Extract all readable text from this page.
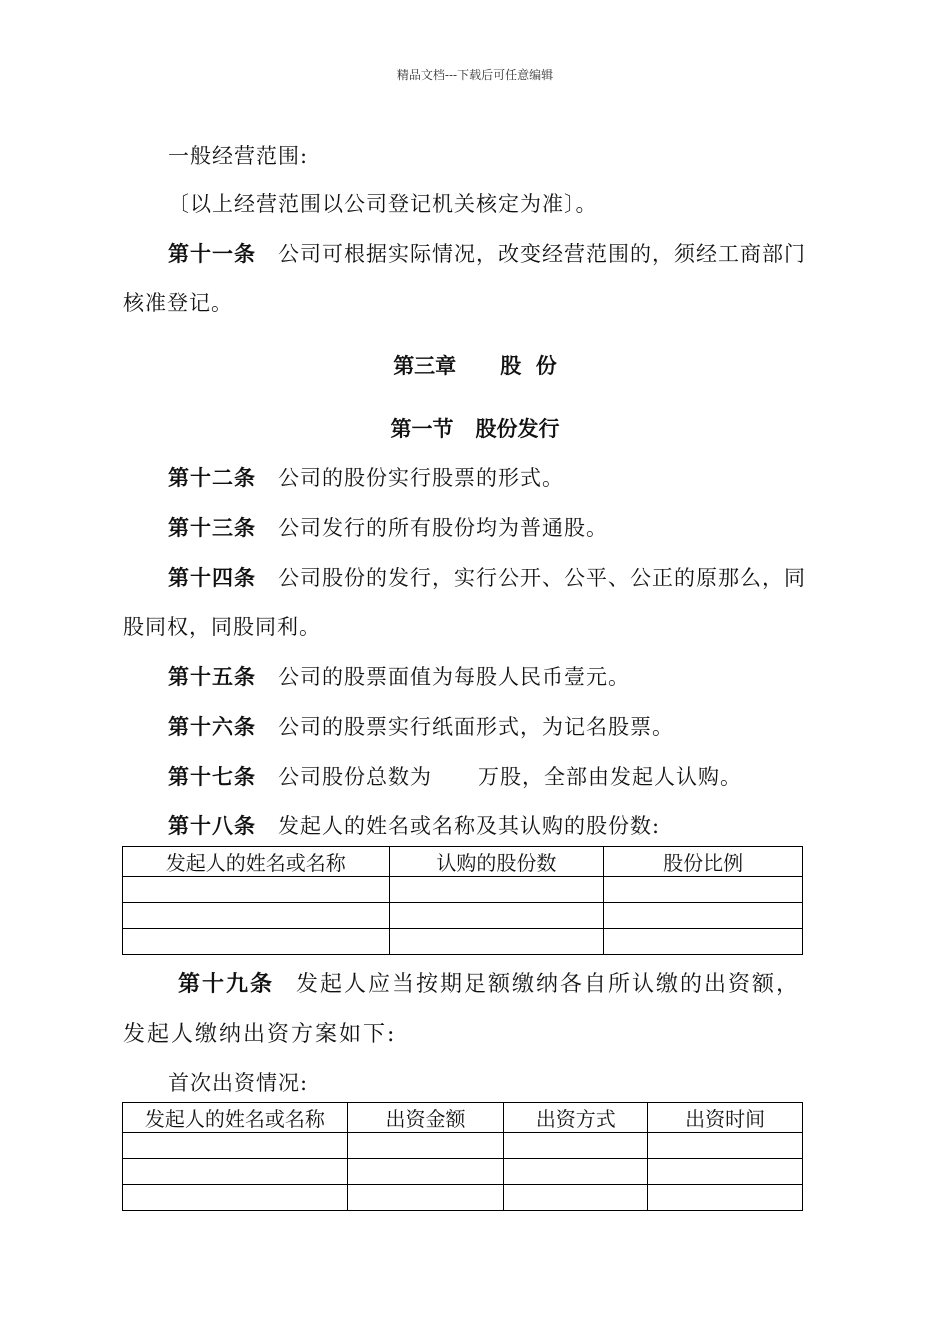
精品文档---下载后可任意编辑
一般经营范围:
〔以上经营范围以公司登记机关核定为准〕。
第十一条 公司可根据实际情况，改变经营范围的，须经工商部门
核准登记。
第三章 股  份
第一节   股份发行
第十二条 公司的股份实行股票的形式。
第十三条 公司发行的所有股份均为普通股。
第十四条 公司股份的发行，实行公开、公平、公正的原那么，同
股同权，同股同利。
第十五条 公司的股票面值为每股人民币壹元。
第十六条 公司的股票实行纸面形式，为记名股票。
第十七条 公司股份总数为      万股，全部由发起人认购。
第十八条 发起人的姓名或名称及其认购的股份数:
发起人的姓名或名称	认购的股份数	股份比例

第十九条 发起人应当按期足额缴纳各自所认缴的出资额，
发起人缴纳出资方案如下:
首次出资情况:
发起人的姓名或名称	出资金额	出资方式	出资时间
